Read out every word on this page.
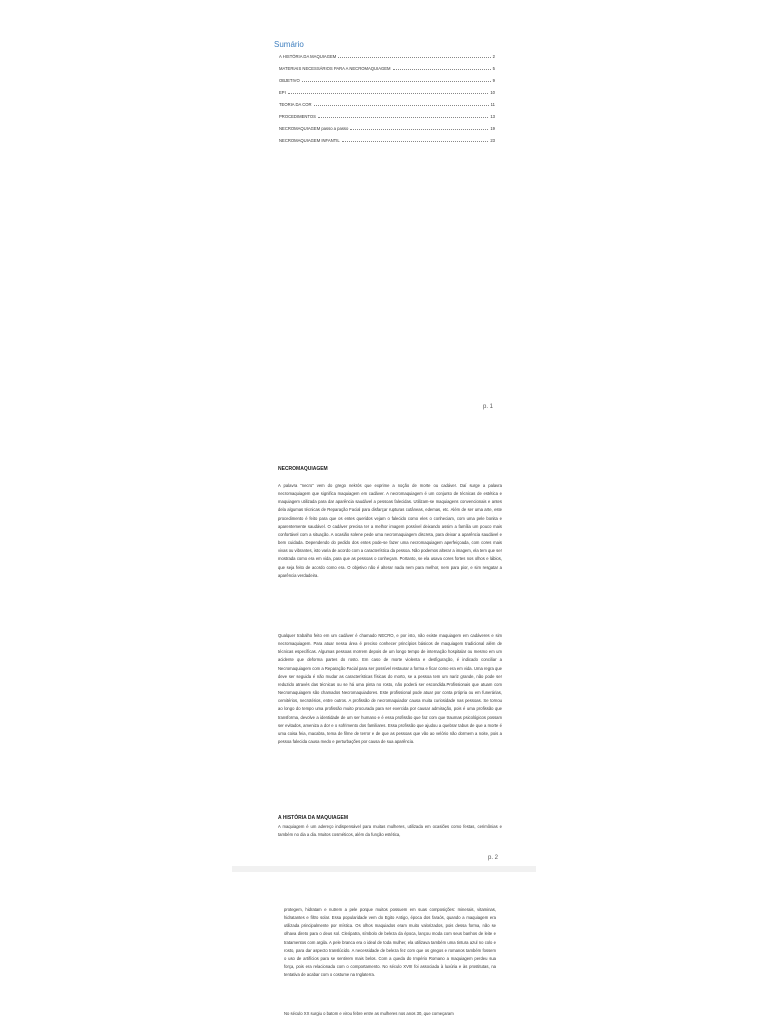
Sumário
A HISTÓRIA DA MAQUIAGEM	2
MATERIAIS NECESSÁRIOS PARA A NECROMAQUIAGEM	5
OBJETIVO	9
EPI	10
TEORIA DA COR	11
PROCEDIMENTOS	13
NECROMAQUIAGEM passo a passo	19
NECROMAQUIAGEM INFANTIL	23
p. 1
NECROMAQUIAGEM
A palavra "necro" vem do grego nekrós que exprime a noção de morte ou cadáver. Daí surge a palavra necromaquiagem que significa maquiagem em cadáver. A necromaquiagem é um conjunto de técnicas de estética e maquiagem utilizada para dar aparência saudável a pessoas falecidas. Utilizam-se maquiagens convencionais e antes dela algumas técnicas de Reparação Facial para disfarçar rupturas cutâneas, edemas, etc. Além de ser uma arte, este procedimento é feito para que os entes queridos vejam o falecido como eles o conheciam, com uma pele bonita e aparentemente saudável. O cadáver precisa ter a melhor imagem possível deixando assim a família um pouco mais confortável com a situação. A ocasião solene pede uma necromaquiagem discreta, para deixar a aparência saudável e bem cuidada. Dependendo do pedido dos entes pode-se fazer uma necromaquiagem aperfeiçoada, com cores mais vivas ou vibrantes, isto varia de acordo com a característica da pessoa. Não podemos alterar a imagem, ela tem que ser mostrada como era em vida, para que as pessoas o conheçam. Portanto, se ela usava cores fortes nos olhos e lábios, que seja feito de acordo como era. O objetivo não é alterar nada nem para melhor, nem para pior, e sim resgatar a aparência verdadeira.
Qualquer trabalho feito em um cadáver é chamado NECRO, e por isto, não existe maquiagem em cadáveres e sim necromaquiagem. Para atuar nessa área é preciso conhecer princípios básicos de maquiagem tradicional além de técnicas específicas. Algumas pessoas morrem depois de um longo tempo de internação hospitalar ou mesmo em um acidente que deforma partes do rosto. Em caso de morte violenta e desfiguração, é indicado conciliar a Necromaquiagem com a Reparação Facial para ser possível restaurar a forma e ficar como era em vida. Uma regra que deve ser seguida é não mudar as características físicas do morto, se a pessoa tem um nariz grande, não pode ser reduzido através das técnicas ou se há uma pinta no rosto, não poderá ser escondida.Profissionais que atuam com Necromaquiagem são chamados Necromaquiadores. Este profissional pode atuar por conta própria ou em funerárias, cemitérios, necrotérios, entre outros. A profissão de necromaquiador causa muita curiosidade nas pessoas. Se tornou ao longo do tempo uma profissão muito procurada para ser exercida por causar admiração, pois é uma profissão que transforma, devolve a identidade de um ser humano e é essa profissão que faz com que traumas psicológicos possam ser evitados, ameniza a dor e o sofrimento dos familiares. Essa profissão que ajudou a quebrar tabus de que a morte é uma coisa feia, macabra, tema de filme de terror e de que as pessoas que vão ao velório não dormem a noite, pois a pessoa falecida causa medo e perturbações por causa de sua aparência.
A HISTÓRIA DA MAQUIAGEM
A maquiagem é um adereço indispensável para muitas mulheres, utilizada em ocasiões como festas, cerimônias e também no dia a dia. Muitos cosméticos, além da função estética,
p. 2
protegem, hidratam e nutrem a pele porque muitos possuem em suas composições: minerais, vitaminas, hidratantes e filtro solar. Essa popularidade vem do Egito Antigo, época dos faraós, quando a maquiagem era utilizada principalmente por mística. Os olhos maquiados eram muito valorizados, pois dessa forma, não se olhava direto para o deus sol. Cleópatra, símbolo de beleza da época, lançou moda com seus banhos de leite e tratamentos com argila. A pele branca era o ideal de toda mulher, ela utilizava também uma tintura azul no colo e rosto, para dar aspecto translúcido. A necessidade de beleza fez com que os gregos e romanos também fossem o uso de artifícios para se sentirem mais belos. Com a queda do Império Romano a maquiagem perdeu sua força, pois era relacionada com o comportamento. No século XVIII foi associada à luxúria e às prostitutas, na tentativa de acabar com o costume na Inglaterra.
No século XX surgiu o batom e virou febre entre as mulheres nos anos 30, que começaram
